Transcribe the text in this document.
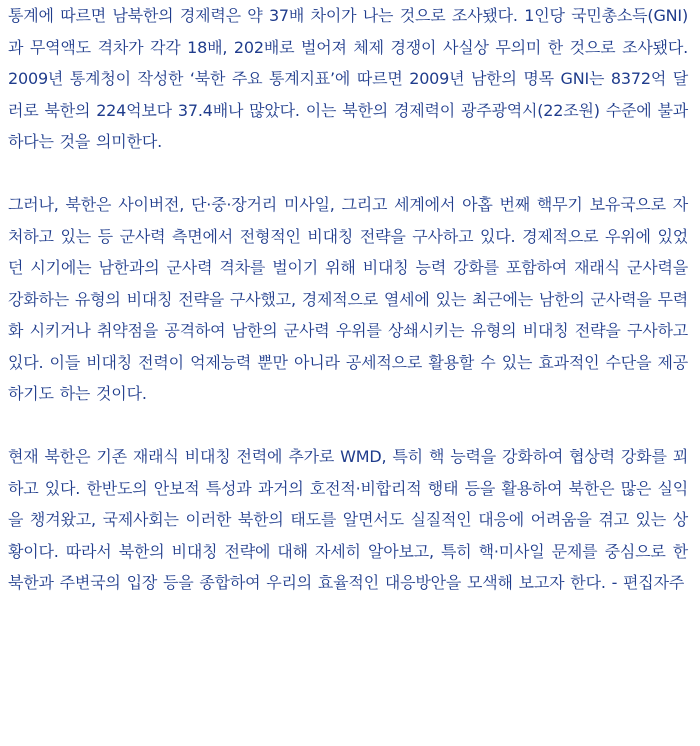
통계에 따르면 남북한의 경제력은 약 37배 차이가 나는 것으로 조사됐다. 1인당 국민총소득(GNI)과 무역액도 격차가 각각 18배, 202배로 벌어져 체제 경쟁이 사실상 무의미 한 것으로 조사됐다. 2009년 통계청이 작성한 ‘북한 주요 통계지표’에 따르면 2009년 남한의 명목 GNI는 8372억 달러로 북한의 224억보다 37.4배나 많았다. 이는 북한의 경제력이 광주광역시(22조원) 수준에 불과하다는 것을 의미한다.

그러나, 북한은 사이버전, 단·중·장거리 미사일, 그리고 세계에서 아홉 번째 핵무기 보유국으로 자처하고 있는 등 군사력 측면에서 전형적인 비대칭 전략을 구사하고 있다. 경제적으로 우위에 있었던 시기에는 남한과의 군사력 격차를 벌이기 위해 비대칭 능력 강화를 포함하여 재래식 군사력을 강화하는 유형의 비대칭 전략을 구사했고, 경제적으로 열세에 있는 최근에는 남한의 군사력을 무력화 시키거나 취약점을 공격하여 남한의 군사력 우위를 상쇄시키는 유형의 비대칭 전략을 구사하고 있다. 이들 비대칭 전력이 억제능력 뿐만 아니라 공세적으로 활용할 수 있는 효과적인 수단을 제공하기도 하는 것이다.

현재 북한은 기존 재래식 비대칭 전력에 추가로 WMD, 특히 핵 능력을 강화하여 협상력 강화를 꾀하고 있다. 한반도의 안보적 특성과 과거의 호전적·비합리적 행태 등을 활용하여 북한은 많은 실익을 챙겨왔고, 국제사회는 이러한 북한의 태도를 알면서도 실질적인 대응에 어려움을 겪고 있는 상황이다. 따라서 북한의 비대칭 전략에 대해 자세히 알아보고, 특히 핵·미사일 문제를 중심으로 한 북한과 주변국의 입장 등을 종합하여 우리의 효율적인 대응방안을 모색해 보고자 한다. - 편집자주
